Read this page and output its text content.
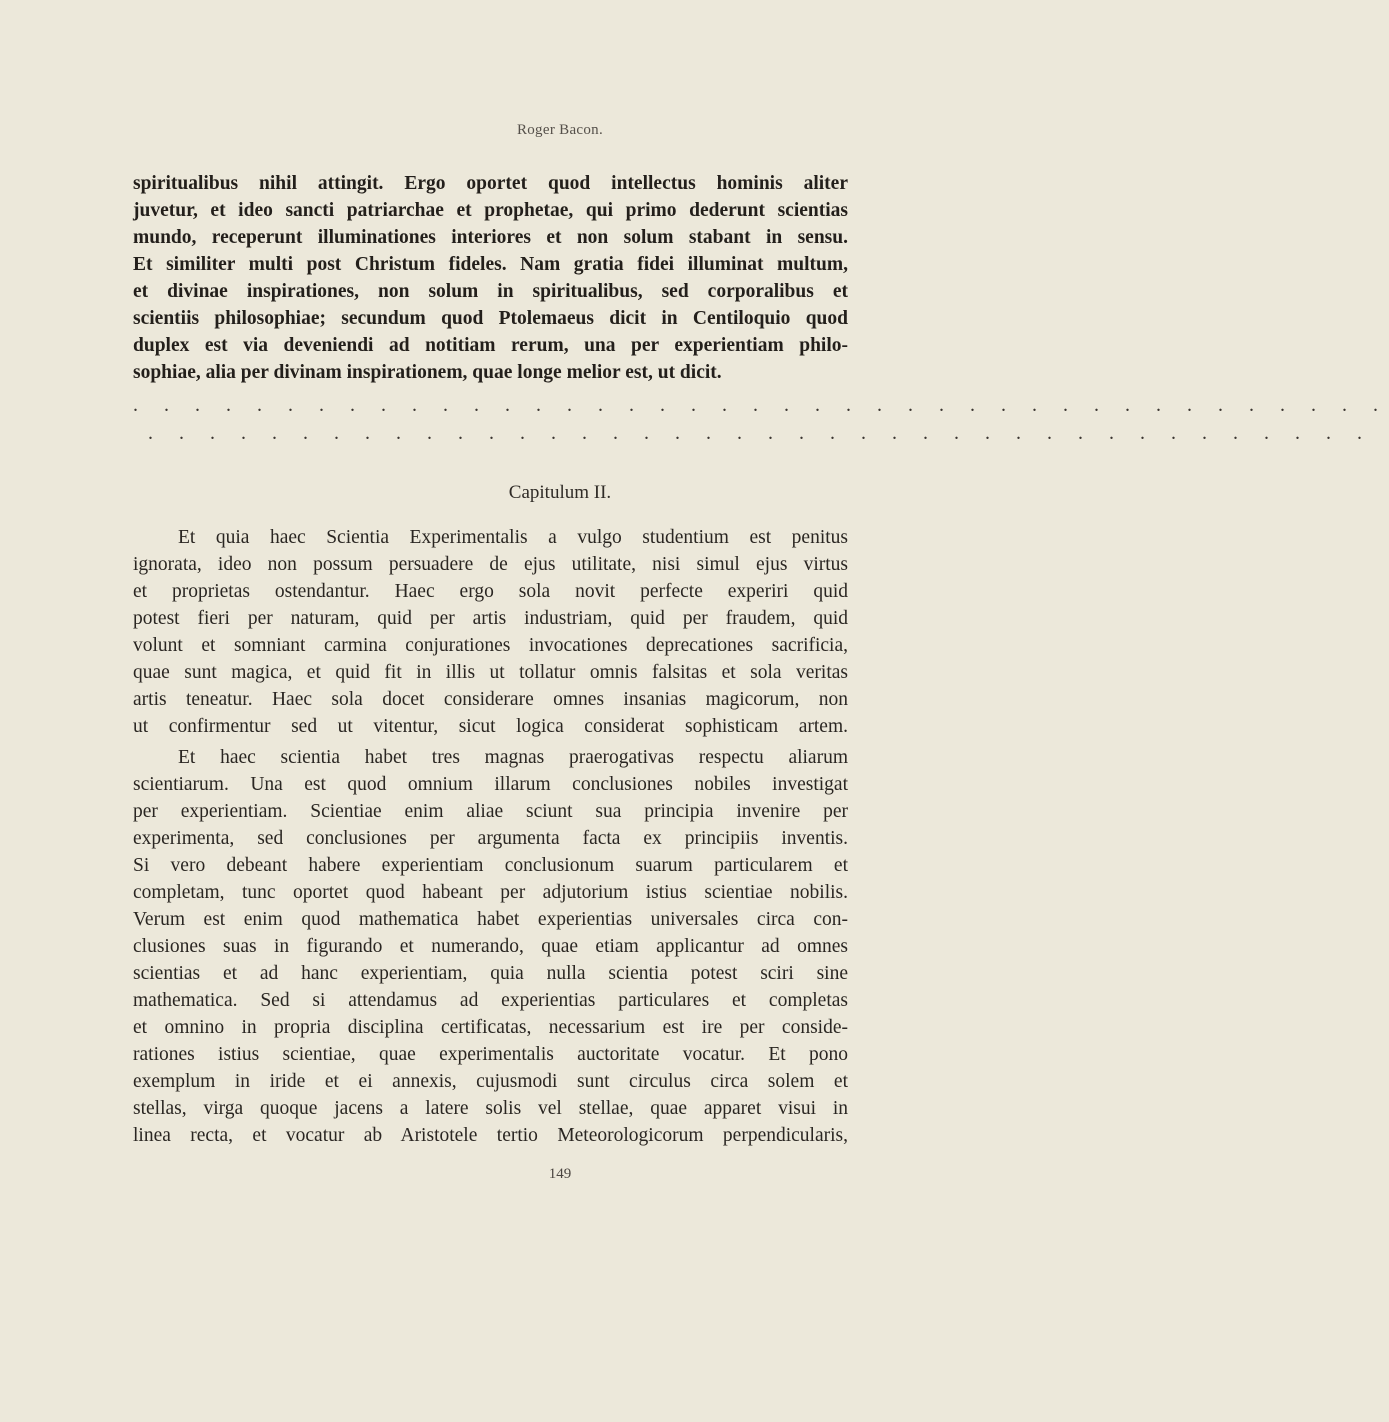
Roger Bacon.
spiritualibus nihil attingit. Ergo oportet quod intellectus hominis aliter
juvetur, et ideo sancti patriarchae et prophetae, qui primo dederunt scientias
mundo, receperunt illuminationes interiores et non solum stabant in sensu.
Et similiter multi post Christum fideles. Nam gratia fidei illuminat multum,
et divinae inspirationes, non solum in spiritualibus, sed corporalibus et
scientiis philosophiae; secundum quod Ptolemaeus dicit in Centiloquio quod
duplex est via deveniendi ad notitiam rerum, una per experientiam philo-
sophiae, alia per divinam inspirationem, quae longe melior est, ut dicit.
. . . . . . . . . . . . . . . . . . . . . . . . . . . . . . . . . . . . . . . . .
. . . . . . . . . . . . . . . . . . . . . . . . . . . . . . . . . . . . . . . .
Capitulum II.
Et quia haec Scientia Experimentalis a vulgo studentium est penitus
ignorata, ideo non possum persuadere de ejus utilitate, nisi simul ejus virtus
et proprietas ostendantur. Haec ergo sola novit perfecte experiri quid
potest fieri per naturam, quid per artis industriam, quid per fraudem, quid
volunt et somniant carmina conjurationes invocationes deprecationes sacrificia,
quae sunt magica, et quid fit in illis ut tollatur omnis falsitas et sola veritas
artis teneatur. Haec sola docet considerare omnes insanias magicorum, non
ut confirmentur sed ut vitentur, sicut logica considerat sophisticam artem.
Et haec scientia habet tres magnas praerogativas respectu aliarum
scientiarum. Una est quod omnium illarum conclusiones nobiles investigat
per experientiam. Scientiae enim aliae sciunt sua principia invenire per
experimenta, sed conclusiones per argumenta facta ex principiis inventis.
Si vero debeant habere experientiam conclusionum suarum particularem et
completam, tunc oportet quod habeant per adjutorium istius scientiae nobilis.
Verum est enim quod mathematica habet experientias universales circa con-
clusiones suas in figurando et numerando, quae etiam applicantur ad omnes
scientias et ad hanc experientiam, quia nulla scientia potest sciri sine
mathematica. Sed si attendamus ad experientias particulares et completas
et omnino in propria disciplina certificatas, necessarium est ire per conside-
rationes istius scientiae, quae experimentalis auctoritate vocatur. Et pono
exemplum in iride et ei annexis, cujusmodi sunt circulus circa solem et
stellas, virga quoque jacens a latere solis vel stellae, quae apparet visui in
linea recta, et vocatur ab Aristotele tertio Meteorologicorum perpendicularis,
149
